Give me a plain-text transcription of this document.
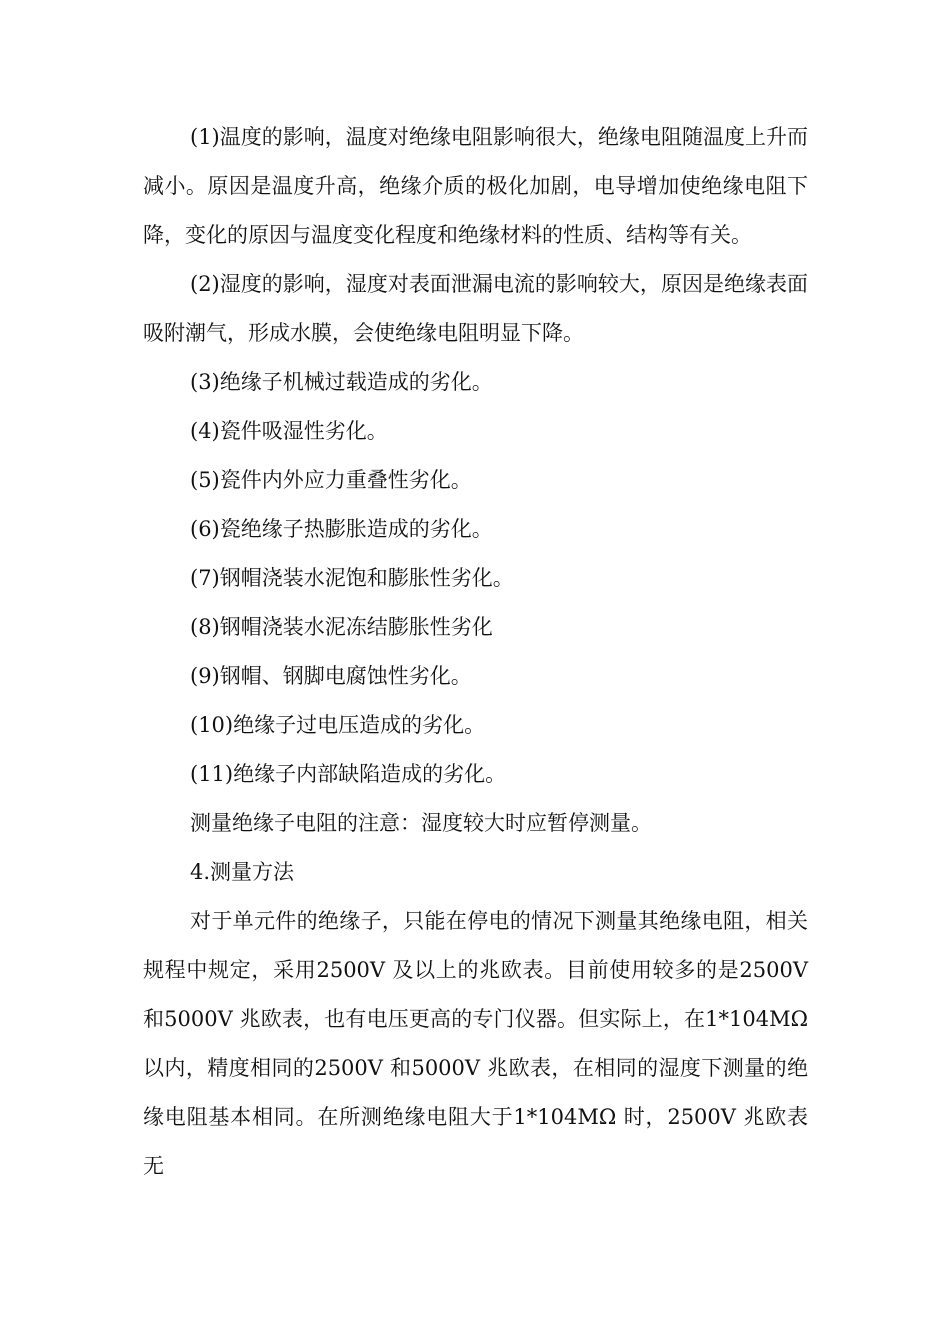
(1)温度的影响，温度对绝缘电阻影响很大，绝缘电阻随温度上升而减小。原因是温度升高，绝缘介质的极化加剧，电导增加使绝缘电阻下降，变化的原因与温度变化程度和绝缘材料的性质、结构等有关。

(2)湿度的影响，湿度对表面泄漏电流的影响较大，原因是绝缘表面吸附潮气，形成水膜，会使绝缘电阻明显下降。

(3)绝缘子机械过载造成的劣化。

(4)瓷件吸湿性劣化。

(5)瓷件内外应力重叠性劣化。

(6)瓷绝缘子热膨胀造成的劣化。

(7)钢帽浇装水泥饱和膨胀性劣化。

(8)钢帽浇装水泥冻结膨胀性劣化

(9)钢帽、钢脚电腐蚀性劣化。

(10)绝缘子过电压造成的劣化。

(11)绝缘子内部缺陷造成的劣化。

测量绝缘子电阻的注意：湿度较大时应暂停测量。

4.测量方法

对于单元件的绝缘子，只能在停电的情况下测量其绝缘电阻，相关规程中规定，采用2500V 及以上的兆欧表。目前使用较多的是2500V 和5000V 兆欧表，也有电压更高的专门仪器。但实际上，在1*104MΩ以内，精度相同的2500V 和5000V 兆欧表，在相同的湿度下测量的绝缘电阻基本相同。在所测绝缘电阻大于1*104MΩ 时，2500V 兆欧表无
